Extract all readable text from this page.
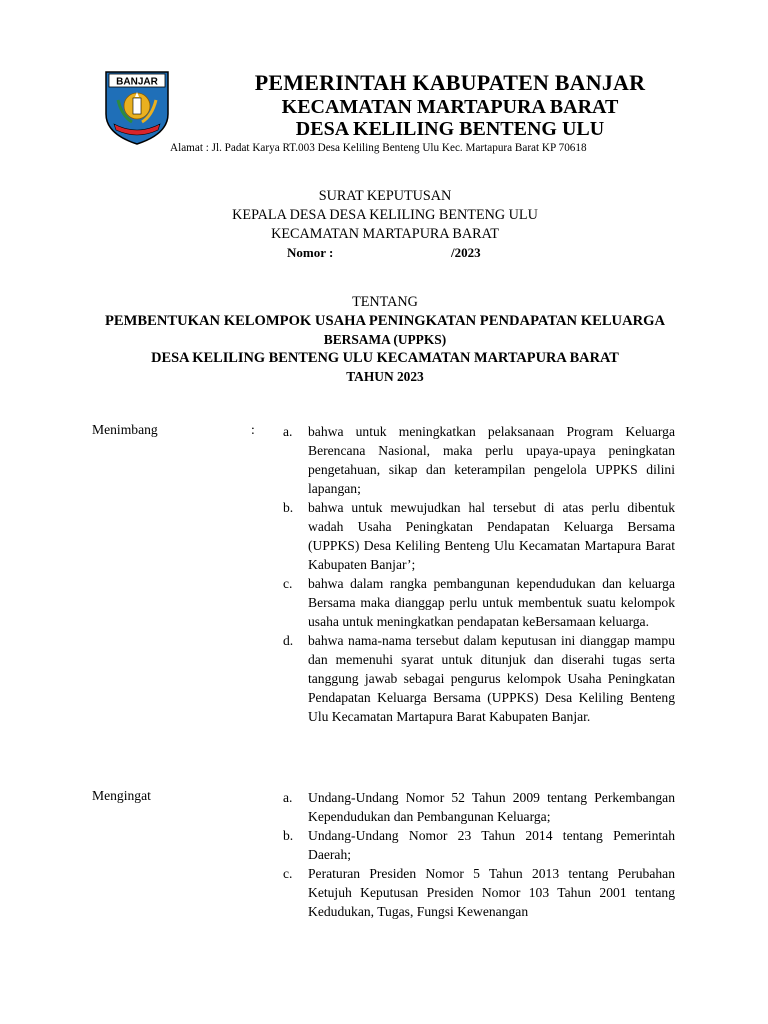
BANJAR	PEMERINTAH KABUPATEN BANJAR
KECAMATAN MARTAPURA BARAT
DESA KELILING BENTENG ULU
Alamat : Jl. Padat Karya RT.003 Desa Keliling Benteng Ulu Kec. Martapura Barat KP 70618
SURAT KEPUTUSAN
KEPALA DESA DESA KELILING BENTENG ULU
KECAMATAN MARTAPURA BARAT
Nomor :	/2023
TENTANG
PEMBENTUKAN KELOMPOK USAHA PENINGKATAN PENDAPATAN KELUARGA
BERSAMA (UPPKS)
DESA KELILING BENTENG ULU KECAMATAN MARTAPURA BARAT
TAHUN 2023
Menimbang	: a. bahwa untuk meningkatkan pelaksanaan Program Keluarga Berencana Nasional, maka perlu upaya-upaya peningkatan pengetahuan, sikap dan keterampilan pengelola UPPKS dilini lapangan;
b. bahwa untuk mewujudkan hal tersebut di atas perlu dibentuk wadah Usaha Peningkatan Pendapatan Keluarga Bersama (UPPKS) Desa Keliling Benteng Ulu Kecamatan Martapura Barat Kabupaten Banjar’;
c. bahwa dalam rangka pembangunan kependudukan dan keluarga Bersama maka dianggap perlu untuk membentuk suatu kelompok usaha untuk meningkatkan pendapatan keBersamaan keluarga.
d. bahwa nama-nama tersebut dalam keputusan ini dianggap mampu dan memenuhi syarat untuk ditunjuk dan diserahi tugas serta tanggung jawab sebagai pengurus kelompok Usaha Peningkatan Pendapatan Keluarga Bersama (UPPKS) Desa Keliling Benteng Ulu Kecamatan Martapura Barat Kabupaten Banjar.
Mengingat	a. Undang-Undang Nomor 52 Tahun 2009 tentang Perkembangan Kependudukan dan Pembangunan Keluarga;
b. Undang-Undang Nomor 23 Tahun 2014 tentang Pemerintah Daerah;
c. Peraturan Presiden Nomor 5 Tahun 2013 tentang Perubahan Ketujuh Keputusan Presiden Nomor 103 Tahun 2001 tentang Kedudukan, Tugas, Fungsi Kewenangan
